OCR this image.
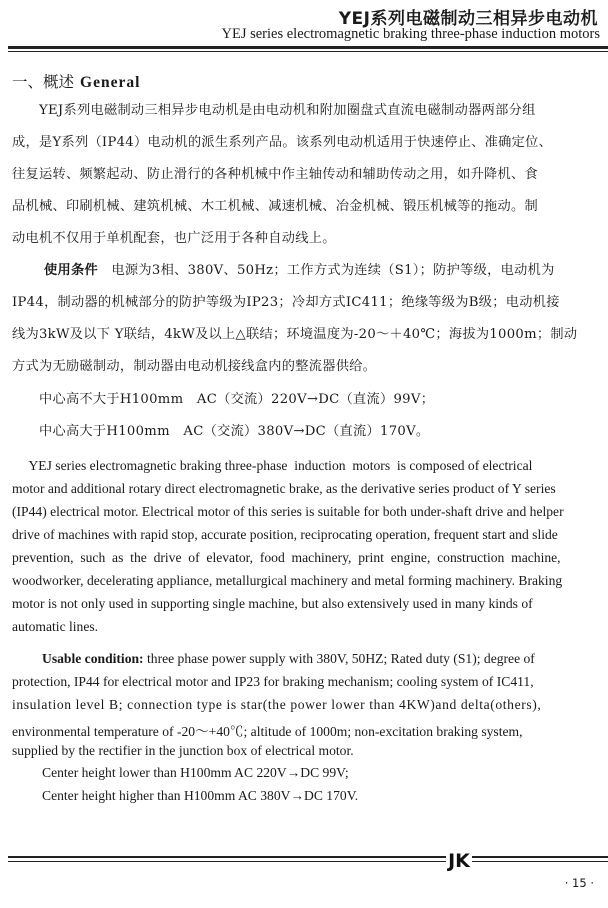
YEJ系列电磁制动三相异步电动机
YEJ series electromagnetic braking three-phase induction motors
一、概述 General
　　YEJ系列电磁制动三相异步电动机是由电动机和附加圈盘式直流电磁制动器两部分组
成，是Y系列（IP44）电动机的派生系列产品。该系列电动机适用于快速停止、准确定位、
往复运转、频繁起动、防止滑行的各种机械中作主轴传动和辅助传动之用，如升降机、食
品机械、印刷机械、建筑机械、木工机械、减速机械、冶金机械、锻压机械等的拖动。制
动电机不仅用于单机配套，也广泛用于各种自动线上。
使用条件　电源为3相、380V、50Hz；工作方式为连续（S1）；防护等级，电动机为
IP44，制动器的机械部分的防护等级为IP23；冷却方式IC411；绝缘等级为B级；电动机接
线为3kW及以下 Y联结，4kW及以上△联结；环境温度为-20～＋40℃；海拔为1000m；制动
方式为无励磁制动，制动器由电动机接线盒内的整流器供给。
　　中心高不大于H100mm　AC（交流）220V→DC（直流）99V；
　　中心高大于H100mm　AC（交流）380V→DC（直流）170V。
YEJ series electromagnetic braking three-phase  induction  motors  is composed of electrical
motor and additional rotary direct electromagnetic brake, as the derivative series product of Y series
(IP44) electrical motor. Electrical motor of this series is suitable for both under-shaft drive and helper
drive of machines with rapid stop, accurate position, reciprocating operation, frequent start and slide
prevention,  such  as  the  drive  of  elevator,  food  machinery,  print  engine,  construction  machine,
woodworker, decelerating appliance, metallurgical machinery and metal forming machinery. Braking
motor is not only used in supporting single machine, but also extensively used in many kinds of
automatic lines.
Usable condition: three phase power supply with 380V, 50HZ; Rated duty (S1); degree of
protection, IP44 for electrical motor and IP23 for braking mechanism; cooling system of IC411,
insulation level B; connection type is star(the power lower than 4KW)and delta(others),
environmental temperature of -20～+40℃; altitude of 1000m; non-excitation braking system,
supplied by the rectifier in the junction box of electrical motor.
Center height lower than H100mm AC 220V→DC 99V;
Center height higher than H100mm AC 380V→DC 170V.
JK
· 15 ·
